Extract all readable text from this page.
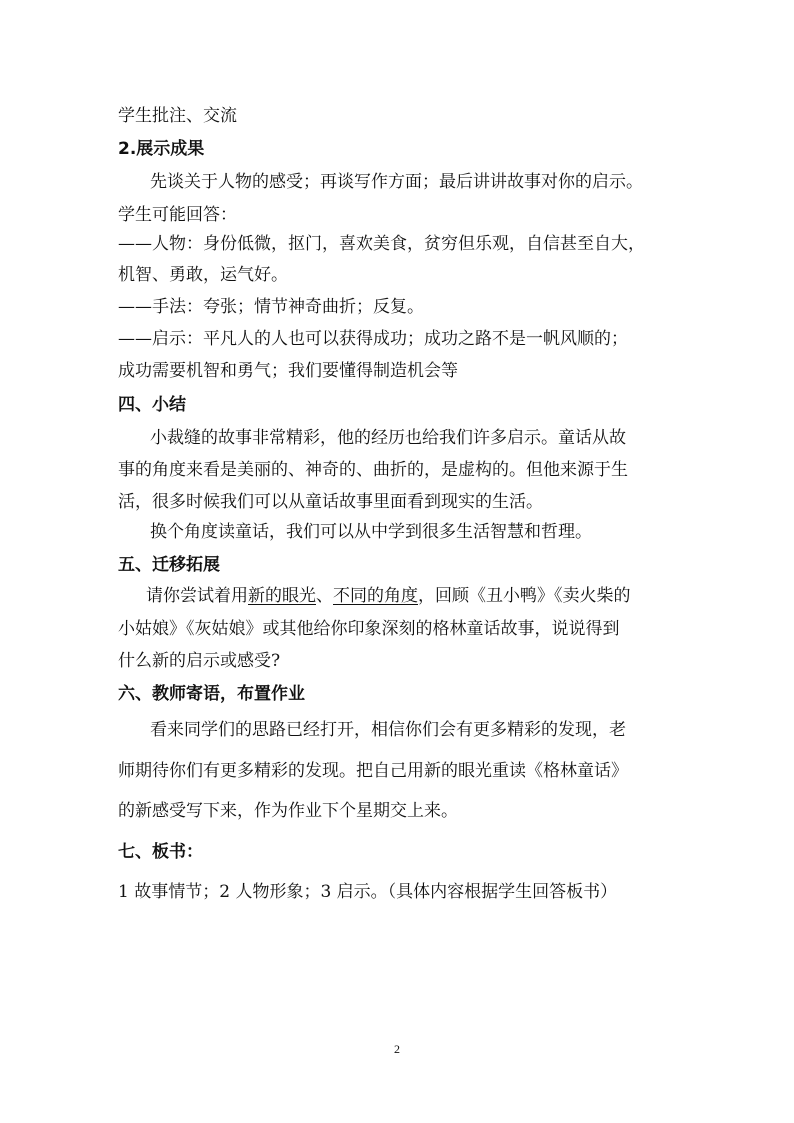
学生批注、交流
2.展示成果
先谈关于人物的感受；再谈写作方面；最后讲讲故事对你的启示。
学生可能回答：
——人物：身份低微，抠门，喜欢美食，贫穷但乐观，自信甚至自大，
机智、勇敢，运气好。
——手法：夸张；情节神奇曲折；反复。
——启示：平凡人的人也可以获得成功；成功之路不是一帆风顺的；
成功需要机智和勇气；我们要懂得制造机会等
四、小结
小裁缝的故事非常精彩，他的经历也给我们许多启示。童话从故
事的角度来看是美丽的、神奇的、曲折的，是虚构的。但他来源于生
活，很多时候我们可以从童话故事里面看到现实的生活。
换个角度读童话，我们可以从中学到很多生活智慧和哲理。
五、迁移拓展
请你尝试着用新的眼光、不同的角度，回顾《丑小鸭》《卖火柴的
小姑娘》《灰姑娘》或其他给你印象深刻的格林童话故事，说说得到
什么新的启示或感受?
六、教师寄语，布置作业
看来同学们的思路已经打开，相信你们会有更多精彩的发现，老
师期待你们有更多精彩的发现。把自己用新的眼光重读《格林童话》
的新感受写下来，作为作业下个星期交上来。
七、板书：
1 故事情节；2 人物形象；3 启示。（具体内容根据学生回答板书）
2
